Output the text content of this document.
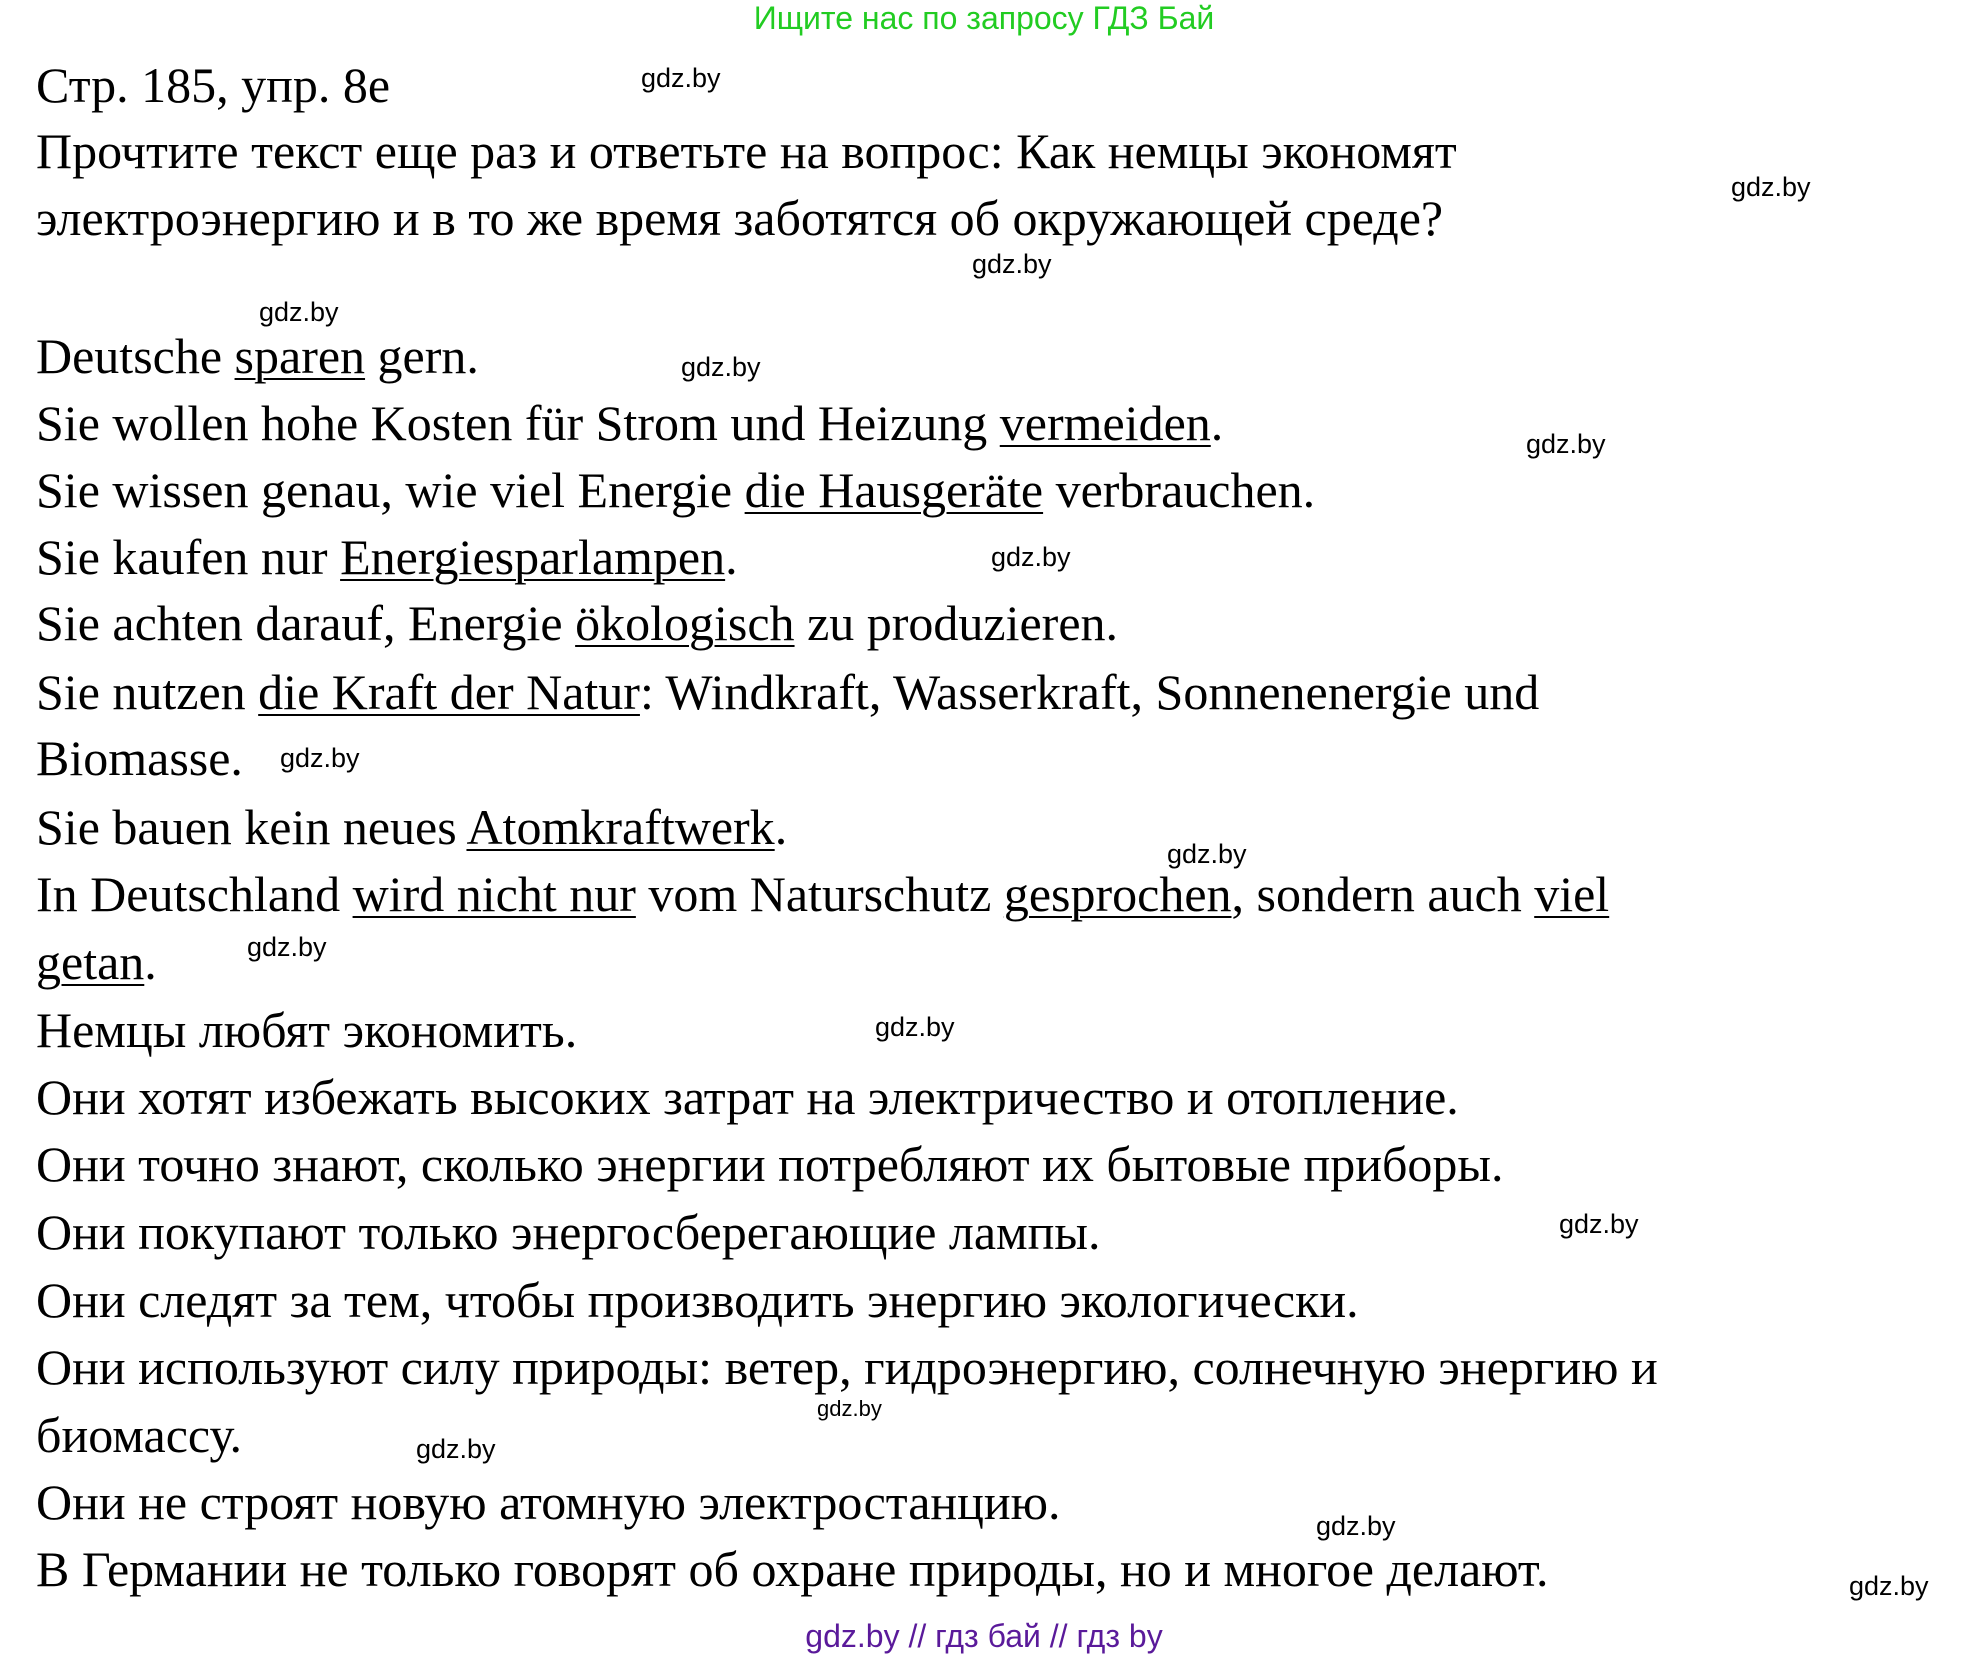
Ищите нас по запросу ГДЗ Бай
Стр. 185, упр. 8е
Прочтите текст еще раз и ответьте на вопрос: Как немцы экономят
электроэнергию и в то же время заботятся об окружающей среде?
Deutsche sparen gern.
Sie wollen hohe Kosten für Strom und Heizung vermeiden.
Sie wissen genau, wie viel Energie die Hausgeräte verbrauchen.
Sie kaufen nur Energiesparlampen.
Sie achten darauf, Energie ökologisch zu produzieren.
Sie nutzen die Kraft der Natur: Windkraft, Wasserkraft, Sonnenenergie und
Biomasse.
Sie bauen kein neues Atomkraftwerk.
In Deutschland wird nicht nur vom Naturschutz gesprochen, sondern auch viel
getan.
Немцы любят экономить.
Они хотят избежать высоких затрат на электричество и отопление.
Они точно знают, сколько энергии потребляют их бытовые приборы.
Они покупают только энергосберегающие лампы.
Они следят за тем, чтобы производить энергию экологически.
Они используют силу природы: ветер, гидроэнергию, солнечную энергию и
биомассу.
Они не строят новую атомную электростанцию.
В Германии не только говорят об охране природы, но и многое делают.
gdz.by
gdz.by
gdz.by
gdz.by
gdz.by
gdz.by
gdz.by
gdz.by
gdz.by
gdz.by
gdz.by
gdz.by
gdz.by
gdz.by
gdz.by
gdz.by
gdz.by // гдз бай // гдз by
